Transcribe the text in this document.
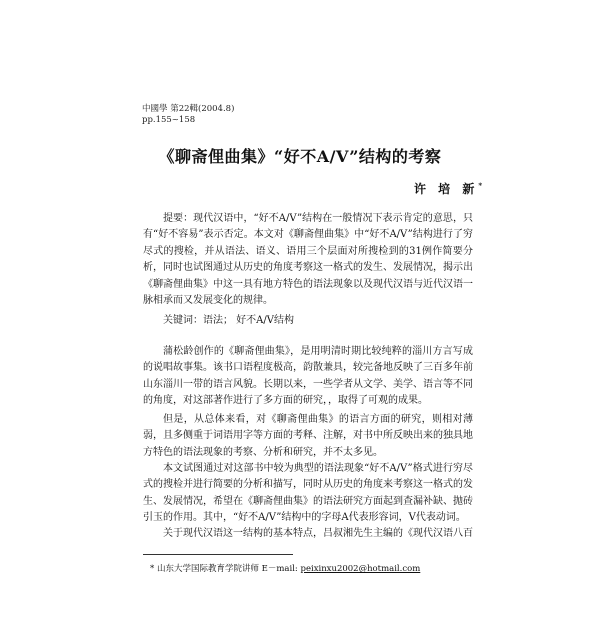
中國學 第22輯(2004.8)
pp.155~158
《聊斋俚曲集》“好不A/V”结构的考察
许 培 新*

提要：现代汉语中，“好不A/V”结构在一般情况下表示肯定的意思，只有“好不容易”表示否定。本文对《聊斋俚曲集》中“好不A/V”结构进行了穷尽式的搜检，并从语法、语义、语用三个层面对所搜检到的31例作简要分析，同时也试图通过从历史的角度考察这一格式的发生、发展情况，揭示出《聊斋俚曲集》中这一具有地方特色的语法现象以及现代汉语与近代汉语一脉相承而又发展变化的规律。

关键词：语法； 好不A/V结构

蒲松龄创作的《聊斋俚曲集》，是用明清时期比较纯粹的淄川方言写成的说唱故事集。该书口语程度极高，韵散兼具，较完备地反映了三百多年前山东淄川一带的语言风貌。长期以来，一些学者从文学、美学、语言等不同的角度，对这部著作进行了多方面的研究，，取得了可观的成果。

但是，从总体来看，对《聊斋俚曲集》的语言方面的研究，则相对薄弱，且多侧重于词语用字等方面的考释、注解，对书中所反映出来的独具地方特色的语法现象的考察、分析和研究，并不太多见。

本文试图通过对这部书中较为典型的语法现象“好不A/V”格式进行穷尽式的搜检并进行简要的分析和描写，同时从历史的角度来考察这一格式的发生、发展情况，希望在《聊斋俚曲集》的语法研究方面起到查漏补缺、抛砖引玉的作用。其中，“好不A/V”结构中的字母A代表形容词，V代表动词。

关于现代汉语这一结构的基本特点，吕叔湘先生主编的《现代汉语八百

* 山东大学国际教育学院讲师 E－mail: peixinxu2002@hotmail.com
